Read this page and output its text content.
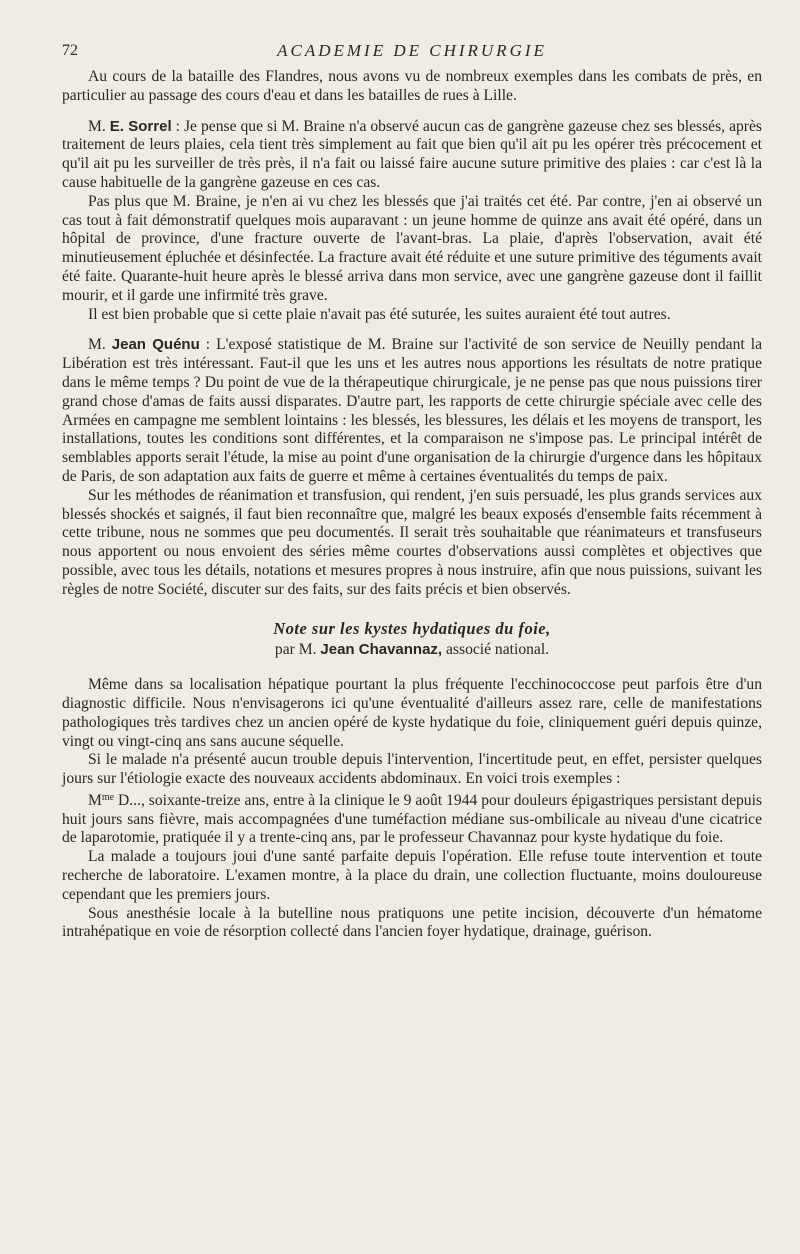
72	ACADEMIE DE CHIRURGIE

Au cours de la bataille des Flandres, nous avons vu de nombreux exemples dans les combats de près, en particulier au passage des cours d'eau et dans les batailles de rues à Lille.

M. E. Sorrel : Je pense que si M. Braine n'a observé aucun cas de gangrène gazeuse chez ses blessés, après traitement de leurs plaies, cela tient très simplement au fait que bien qu'il ait pu les opérer très précocement et qu'il ait pu les surveiller de très près, il n'a fait ou laissé faire aucune suture primitive des plaies : car c'est là la cause habituelle de la gangrène gazeuse en ces cas.

Pas plus que M. Braine, je n'en ai vu chez les blessés que j'ai traités cet été. Par contre, j'en ai observé un cas tout à fait démonstratif quelques mois auparavant : un jeune homme de quinze ans avait été opéré, dans un hôpital de province, d'une fracture ouverte de l'avant-bras. La plaie, d'après l'observation, avait été minutieusement épluchée et désinfectée. La fracture avait été réduite et une suture primitive des téguments avait été faite. Quarante-huit heure après le blessé arriva dans mon service, avec une gangrène gazeuse dont il faillit mourir, et il garde une infirmité très grave.

Il est bien probable que si cette plaie n'avait pas été suturée, les suites auraient été tout autres.

M. Jean Quénu : L'exposé statistique de M. Braine sur l'activité de son service de Neuilly pendant la Libération est très intéressant. Faut-il que les uns et les autres nous apportions les résultats de notre pratique dans le même temps ? Du point de vue de la thérapeutique chirurgicale, je ne pense pas que nous puissions tirer grand chose d'amas de faits aussi disparates. D'autre part, les rapports de cette chirurgie spéciale avec celle des Armées en campagne me semblent lointains : les blessés, les blessures, les délais et les moyens de transport, les installations, toutes les conditions sont différentes, et la comparaison ne s'impose pas. Le principal intérêt de semblables apports serait l'étude, la mise au point d'une organisation de la chirurgie d'urgence dans les hôpitaux de Paris, de son adaptation aux faits de guerre et même à certaines éventualités du temps de paix.

Sur les méthodes de réanimation et transfusion, qui rendent, j'en suis persuadé, les plus grands services aux blessés shockés et saignés, il faut bien reconnaître que, malgré les beaux exposés d'ensemble faits récemment à cette tribune, nous ne sommes que peu documentés. Il serait très souhaitable que réanimateurs et transfuseurs nous apportent ou nous envoient des séries même courtes d'observations aussi complètes et objectives que possible, avec tous les détails, notations et mesures propres à nous instruire, afin que nous puissions, suivant les règles de notre Société, discuter sur des faits, sur des faits précis et bien observés.

Note sur les kystes hydatiques du foie,
par M. Jean Chavannaz, associé national.

Même dans sa localisation hépatique pourtant la plus fréquente l'ecchinococcose peut parfois être d'un diagnostic difficile. Nous n'envisagerons ici qu'une éventualité d'ailleurs assez rare, celle de manifestations pathologiques très tardives chez un ancien opéré de kyste hydatique du foie, cliniquement guéri depuis quinze, vingt ou vingt-cinq ans sans aucune séquelle.

Si le malade n'a présenté aucun trouble depuis l'intervention, l'incertitude peut, en effet, persister quelques jours sur l'étiologie exacte des nouveaux accidents abdominaux. En voici trois exemples :

$M^{me}$ D..., soixante-treize ans, entre à la clinique le 9 août 1944 pour douleurs épigastriques persistant depuis huit jours sans fièvre, mais accompagnées d'une tuméfaction médiane sus-ombilicale au niveau d'une cicatrice de laparotomie, pratiquée il y a trente-cinq ans, par le professeur Chavannaz pour kyste hydatique du foie.

La malade a toujours joui d'une santé parfaite depuis l'opération. Elle refuse toute intervention et toute recherche de laboratoire. L'examen montre, à la place du drain, une collection fluctuante, moins douloureuse cependant que les premiers jours.

Sous anesthésie locale à la butelline nous pratiquons une petite incision, découverte d'un hématome intrahépatique en voie de résorption collecté dans l'ancien foyer hydatique, drainage, guérison.
